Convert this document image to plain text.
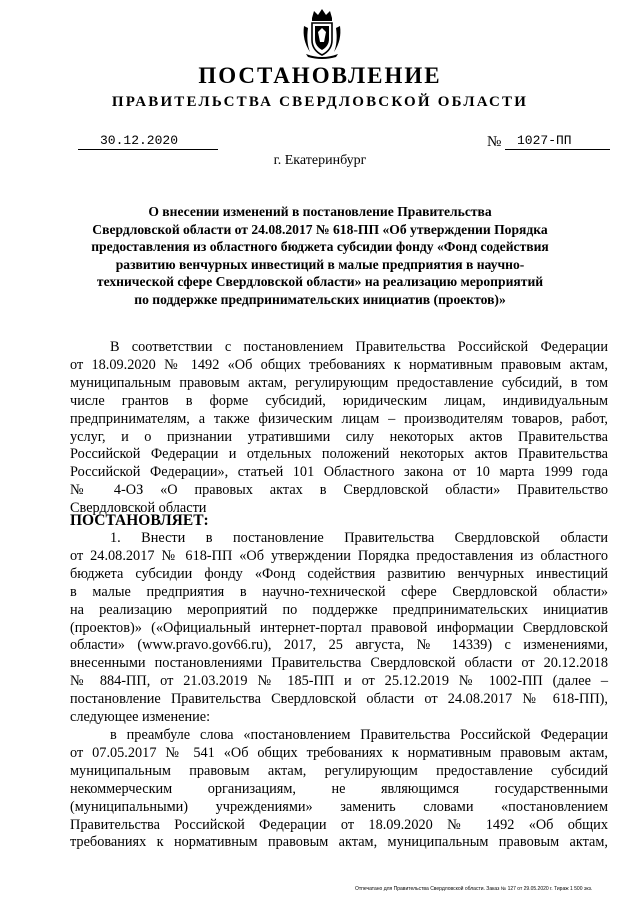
ПОСТАНОВЛЕНИЕ
ПРАВИТЕЛЬСТВА СВЕРДЛОВСКОЙ ОБЛАСТИ
30.12.2020	№ 1027-ПП
г. Екатеринбург
О внесении изменений в постановление Правительства
Свердловской области от 24.08.2017 № 618-ПП «Об утверждении Порядка
предоставления из областного бюджета субсидии фонду «Фонд содействия
развитию венчурных инвестиций в малые предприятия в научно-
технической сфере Свердловской области» на реализацию мероприятий
по поддержке предпринимательских инициатив (проектов)»
В соответствии с постановлением Правительства Российской Федерации
от 18.09.2020 № 1492 «Об общих требованиях к нормативным правовым актам,
муниципальным правовым актам, регулирующим предоставление субсидий, в том
числе грантов в форме субсидий, юридическим лицам, индивидуальным
предпринимателям, а также физическим лицам – производителям товаров, работ,
услуг, и о признании утратившими силу некоторых актов Правительства
Российской Федерации и отдельных положений некоторых актов Правительства
Российской Федерации», статьей 101 Областного закона от 10 марта 1999 года
№ 4-ОЗ «О правовых актах в Свердловской области» Правительство
Свердловской области
ПОСТАНОВЛЯЕТ:
1. Внести в постановление Правительства Свердловской области
от 24.08.2017 № 618-ПП «Об утверждении Порядка предоставления из областного
бюджета субсидии фонду «Фонд содействия развитию венчурных инвестиций
в малые предприятия в научно-технической сфере Свердловской области»
на реализацию мероприятий по поддержке предпринимательских инициатив
(проектов)» («Официальный интернет-портал правовой информации Свердловской
области» (www.pravo.gov66.ru), 2017, 25 августа, № 14339) с изменениями,
внесенными постановлениями Правительства Свердловской области от 20.12.2018
№ 884-ПП, от 21.03.2019 № 185-ПП и от 25.12.2019 № 1002-ПП (далее –
постановление Правительства Свердловской области от 24.08.2017 № 618-ПП),
следующее изменение:
в преамбуле слова «постановлением Правительства Российской Федерации
от 07.05.2017 № 541 «Об общих требованиях к нормативным правовым актам,
муниципальным правовым актам, регулирующим предоставление субсидий
некоммерческим организациям, не являющимся государственными
(муниципальными) учреждениями» заменить словами «постановлением
Правительства Российской Федерации от 18.09.2020 № 1492 «Об общих
требованиях к нормативным правовым актам, муниципальным правовым актам,
Отпечатано для Правительства Свердловской области. Заказ № 127 от 29.05.2020 г. Тираж 1 500 экз.
